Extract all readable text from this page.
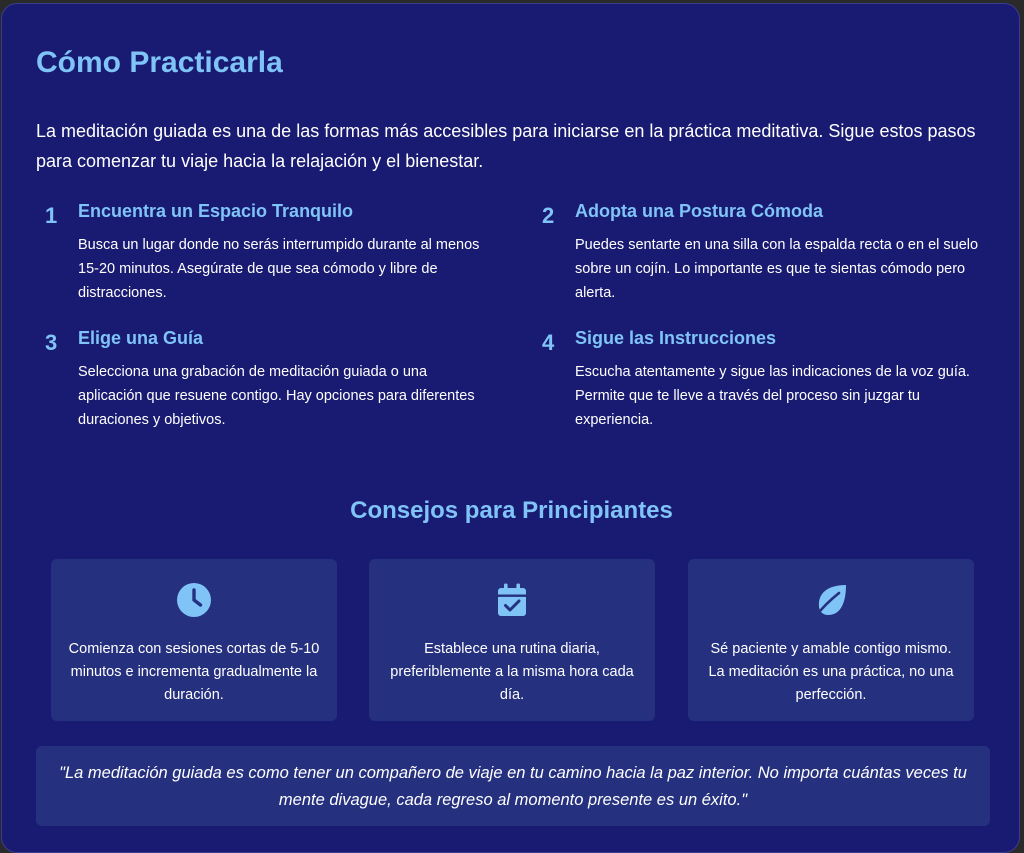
Cómo Practicarla

La meditación guiada es una de las formas más accesibles para iniciarse en la práctica meditativa. Sigue estos pasos para comenzar tu viaje hacia la relajación y el bienestar.

1 Encuentra un Espacio Tranquilo

Busca un lugar donde no serás interrumpido durante al menos 15-20 minutos. Asegúrate de que sea cómodo y libre de distracciones.

2 Adopta una Postura Cómoda

Puedes sentarte en una silla con la espalda recta o en el suelo sobre un cojín. Lo importante es que te sientas cómodo pero alerta.

3 Elige una Guía

Selecciona una grabación de meditación guiada o una aplicación que resuene contigo. Hay opciones para diferentes duraciones y objetivos.

4 Sigue las Instrucciones

Escucha atentamente y sigue las indicaciones de la voz guía. Permite que te lleve a través del proceso sin juzgar tu experiencia.

Consejos para Principiantes

Comienza con sesiones cortas de 5-10 minutos e incrementa gradualmente la duración.

Establece una rutina diaria, preferiblemente a la misma hora cada día.

Sé paciente y amable contigo mismo. La meditación es una práctica, no una perfección.

"La meditación guiada es como tener un compañero de viaje en tu camino hacia la paz interior. No importa cuántas veces tu mente divague, cada regreso al momento presente es un éxito."
